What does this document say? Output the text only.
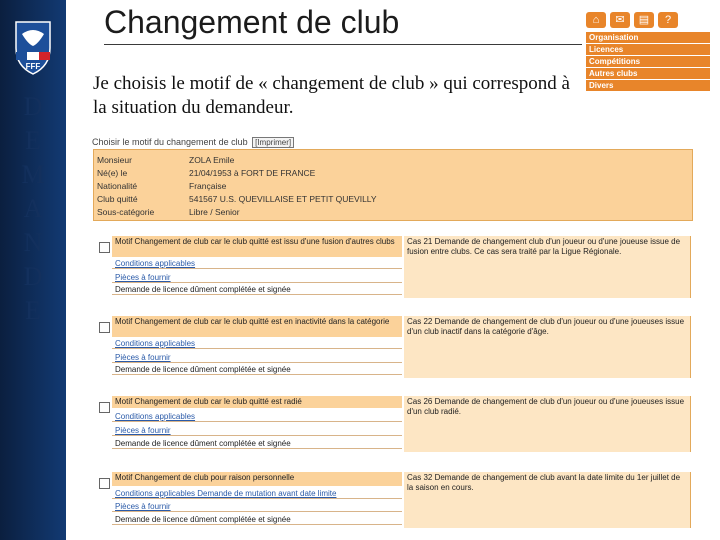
FFF
D
E
M
A
N
D
E
Changement de club
Je choisis le motif de « changement de club » qui correspond à la situation du demandeur.
⌂	✉	▤	?
Organisation
Licences
Compétitions
Autres clubs
Divers
Choisir le motif du changement de club [Imprimer]
Monsieur	ZOLA Emile
Né(e) le	21/04/1953 à FORT DE FRANCE
Nationalité	Française
Club quitté	541567 U.S. QUEVILLAISE ET PETIT QUEVILLY
Sous-catégorie	Libre / Senior
Motif Changement de club car le club quitté est issu d'une fusion d'autres clubs
Conditions applicables
Pièces à fournir
Demande de licence dûment complétée et signée
Cas 21 Demande de changement club d'un joueur ou d'une joueuse issue de fusion entre clubs. Ce cas sera traité par la Ligue Régionale.
Motif Changement de club car le club quitté est en inactivité dans la catégorie
Conditions applicables
Pièces à fournir
Demande de licence dûment complétée et signée
Cas 22 Demande de changement de club d'un joueur ou d'une joueuses issue d'un club inactif dans la catégorie d'âge.
Motif Changement de club car le club quitté est radié
Conditions applicables
Pièces à fournir
Demande de licence dûment complétée et signée
Cas 26 Demande de changement de club d'un joueur ou d'une joueuses issue d'un club radié.
Motif Changement de club pour raison personnelle
Conditions applicables Demande de mutation avant date limite
Pièces à fournir
Demande de licence dûment complétée et signée
Cas 32 Demande de changement de club avant la date limite du 1er juillet de la saison en cours.
